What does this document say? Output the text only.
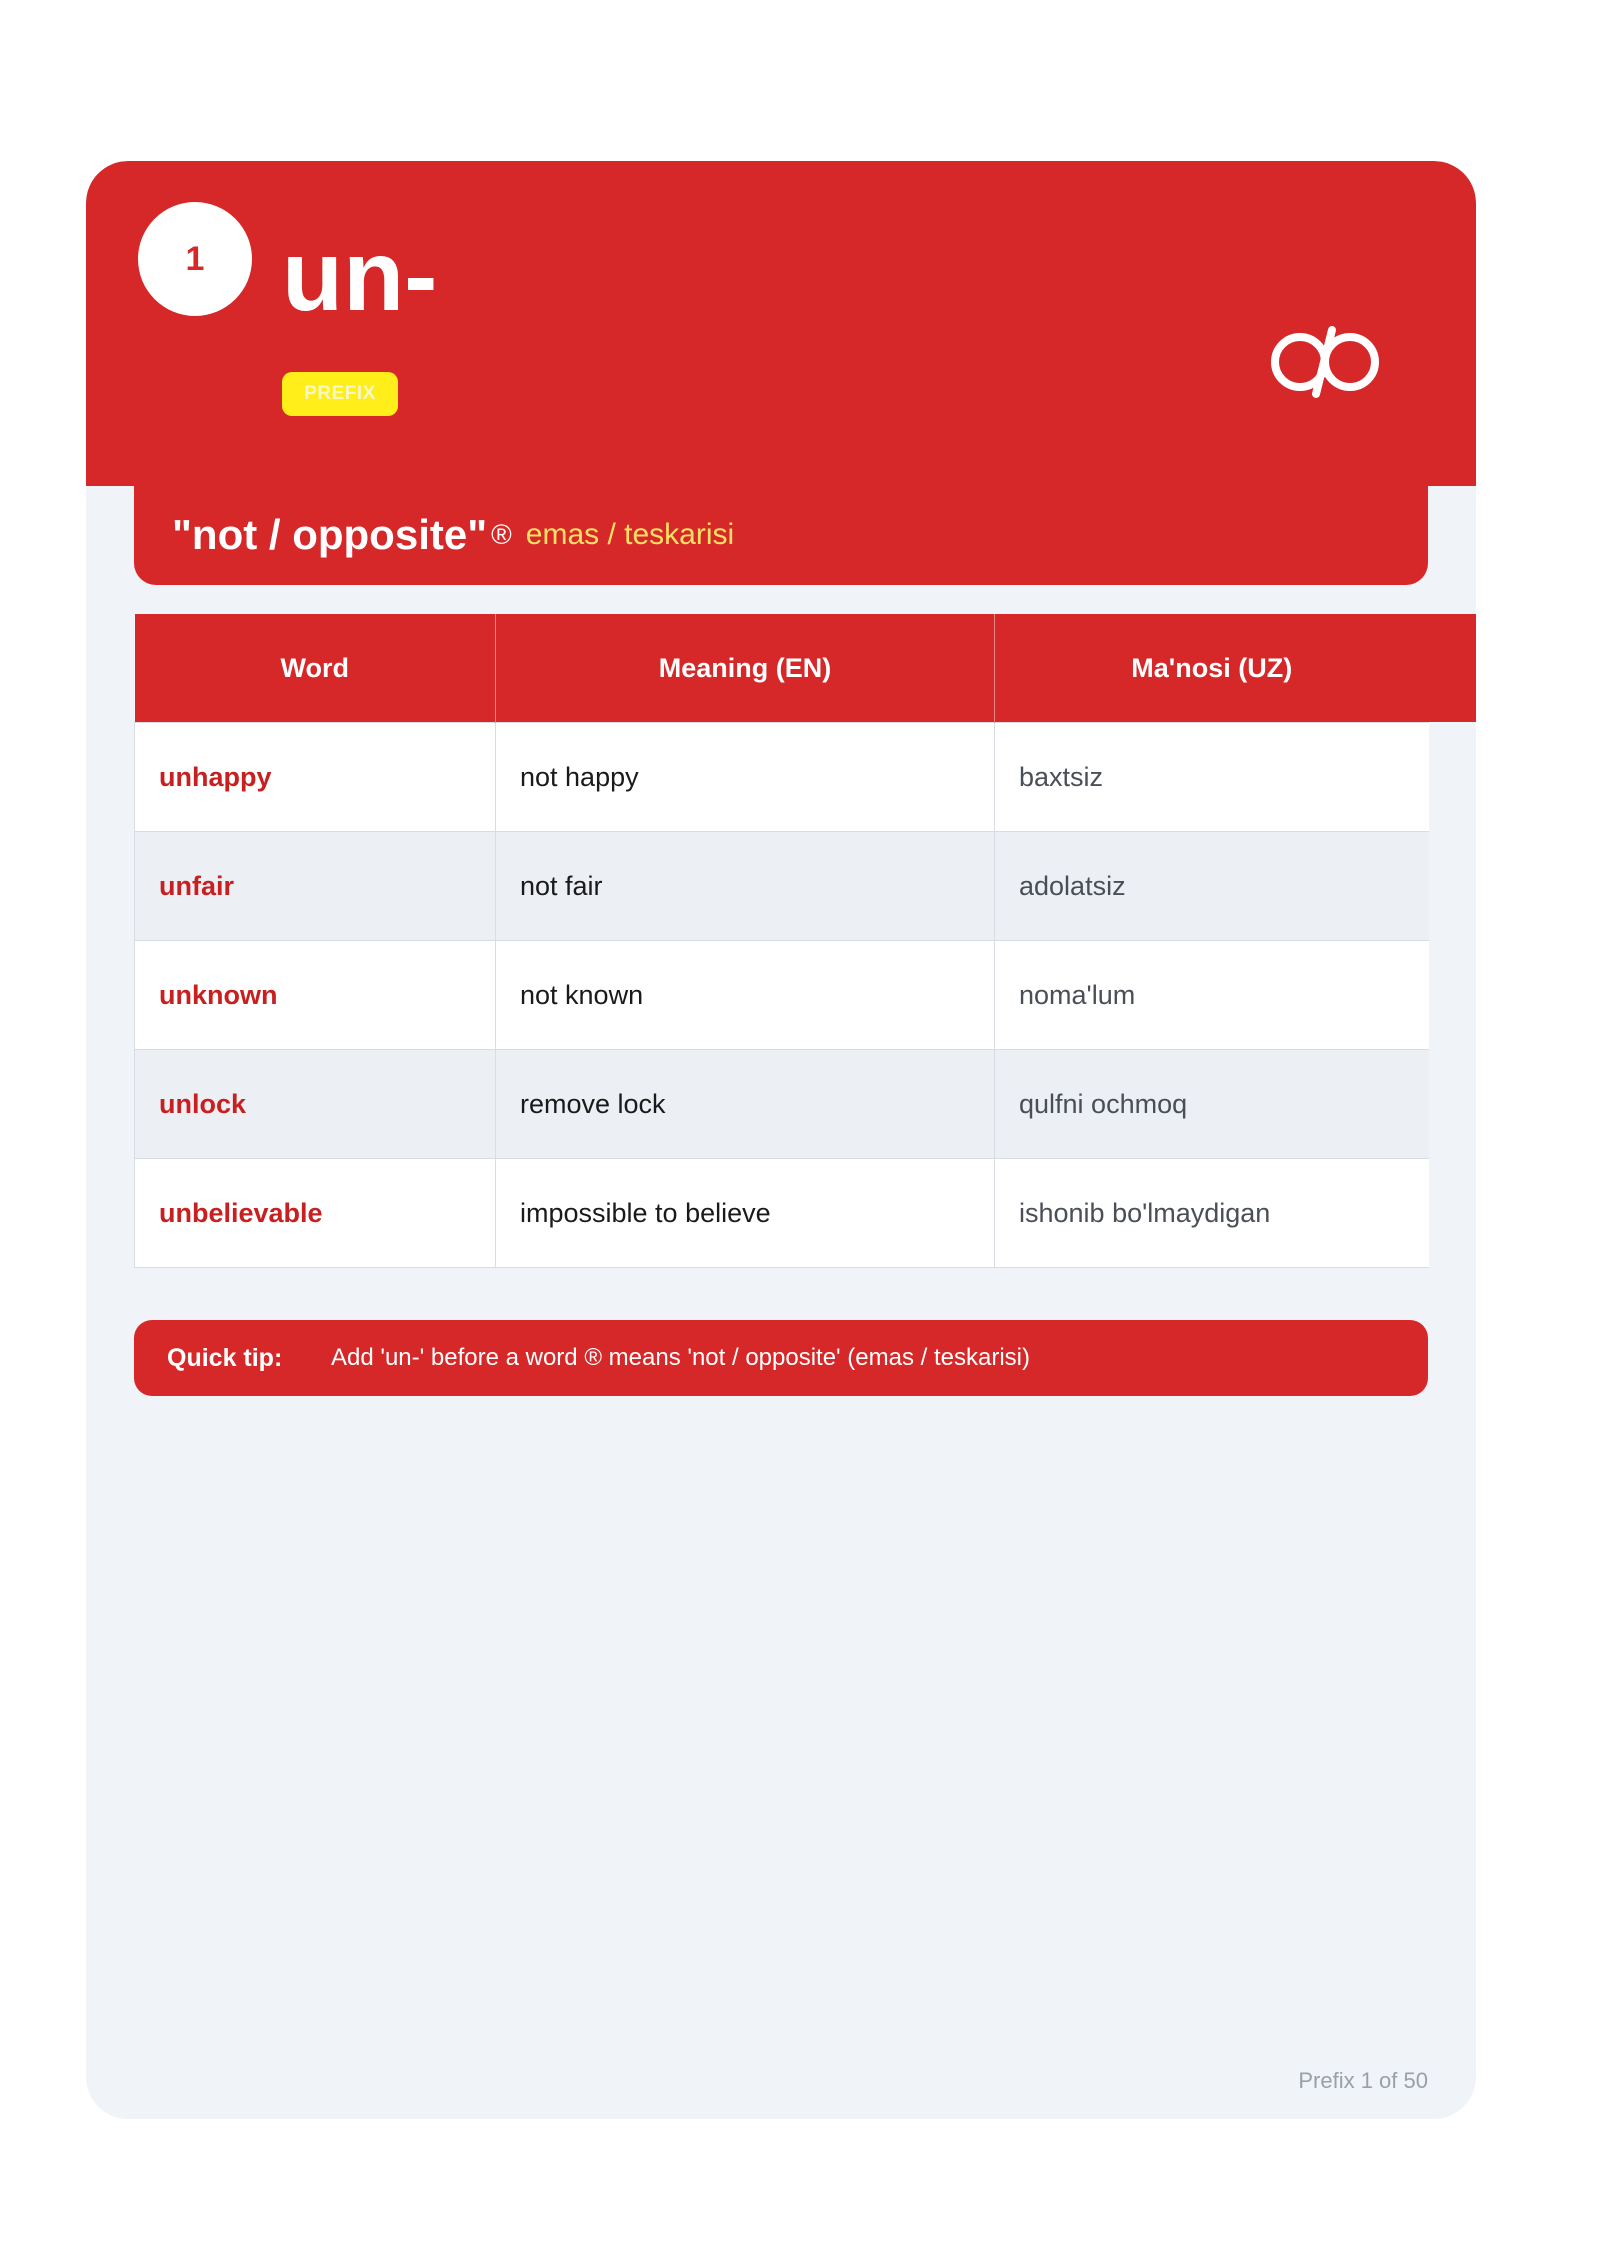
1 un-
PREFIX
"not / opposite" ® emas / teskarisi
Word	Meaning (EN)	Ma'nosi (UZ)
unhappy	not happy	baxtsiz
unfair	not fair	adolatsiz
unknown	not known	noma'lum
unlock	remove lock	qulfni ochmoq
unbelievable	impossible to believe	ishonib bo'lmaydigan
Quick tip:	Add 'un-' before a word ® means 'not / opposite' (emas / teskarisi)
Prefix 1 of 50
